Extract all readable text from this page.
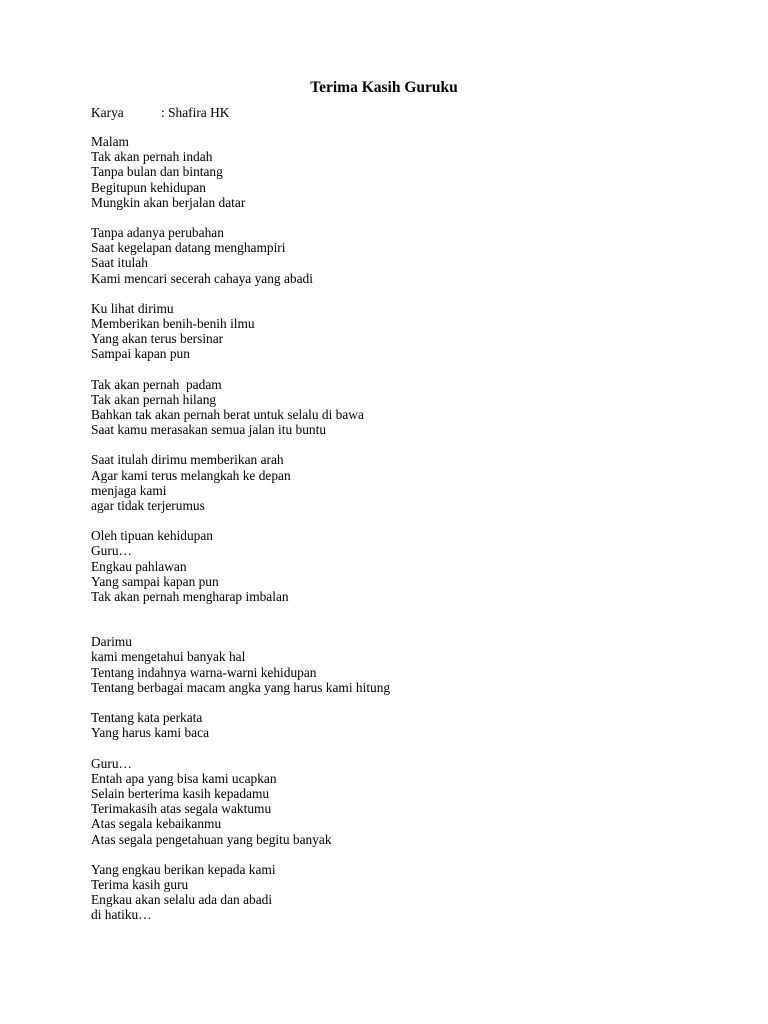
Terima Kasih Guruku
Karya	: Shafira HK
Malam
Tak akan pernah indah
Tanpa bulan dan bintang
Begitupun kehidupan
Mungkin akan berjalan datar
Tanpa adanya perubahan
Saat kegelapan datang menghampiri
Saat itulah
Kami mencari secerah cahaya yang abadi
Ku lihat dirimu
Memberikan benih-benih ilmu
Yang akan terus bersinar
Sampai kapan pun
Tak akan pernah  padam
Tak akan pernah hilang
Bahkan tak akan pernah berat untuk selalu di bawa
Saat kamu merasakan semua jalan itu buntu
Saat itulah dirimu memberikan arah
Agar kami terus melangkah ke depan
menjaga kami
agar tidak terjerumus
Oleh tipuan kehidupan
Guru…
Engkau pahlawan
Yang sampai kapan pun
Tak akan pernah mengharap imbalan
Darimu
kami mengetahui banyak hal
Tentang indahnya warna-warni kehidupan
Tentang berbagai macam angka yang harus kami hitung
Tentang kata perkata
Yang harus kami baca
Guru…
Entah apa yang bisa kami ucapkan
Selain berterima kasih kepadamu
Terimakasih atas segala waktumu
Atas segala kebaikanmu
Atas segala pengetahuan yang begitu banyak
Yang engkau berikan kepada kami
Terima kasih guru
Engkau akan selalu ada dan abadi
di hatiku…
